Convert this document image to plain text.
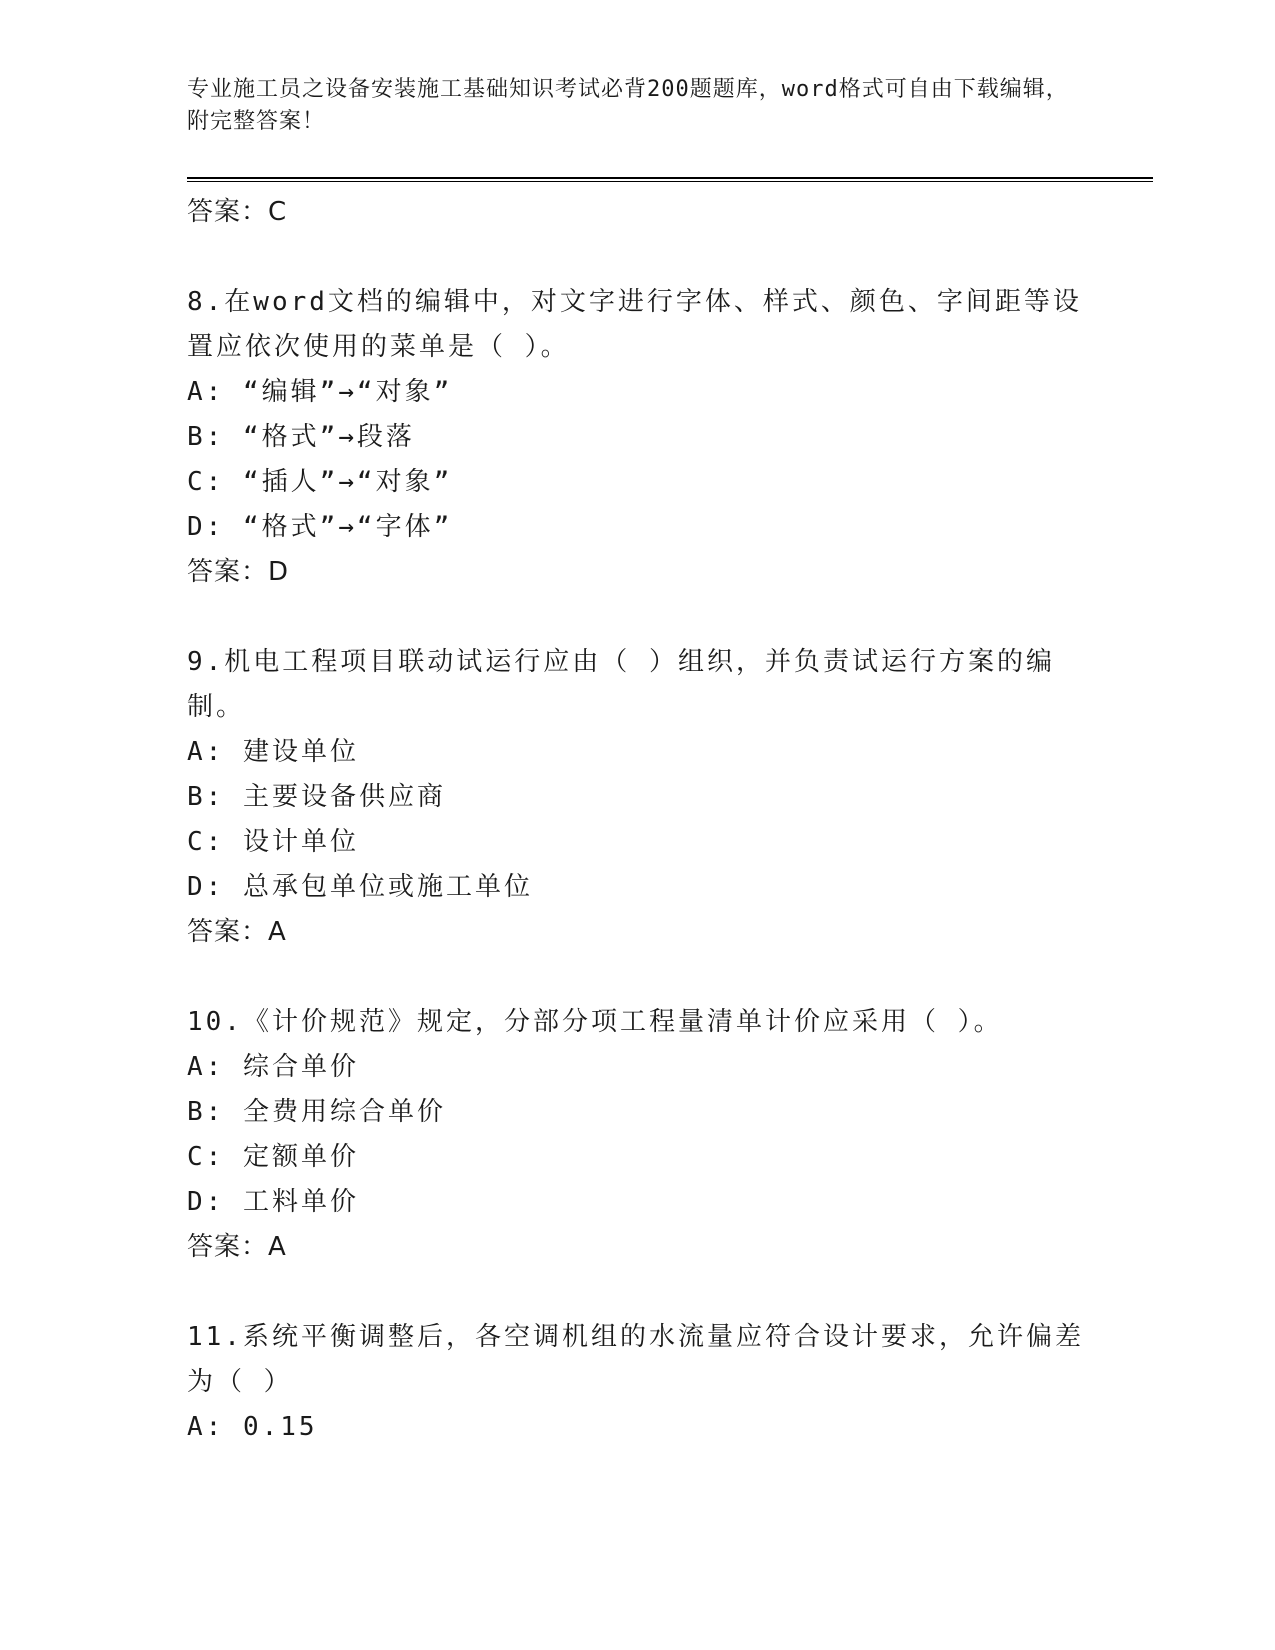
专业施工员之设备安装施工基础知识考试必背200题题库，word格式可自由下载编辑，附完整答案！
答案：C
8.在word文档的编辑中，对文字进行字体、样式、颜色、字间距等设置应依次使用的菜单是（ ）。
A: “编辑”→“对象”
B: “格式”→段落
C: “插人”→“对象”
D: “格式”→“字体”
答案：D
9.机电工程项目联动试运行应由（ ）组织，并负责试运行方案的编制。
A: 建设单位
B: 主要设备供应商
C: 设计单位
D: 总承包单位或施工单位
答案：A
10.《计价规范》规定，分部分项工程量清单计价应采用（ ）。
A: 综合单价
B: 全费用综合单价
C: 定额单价
D: 工料单价
答案：A
11.系统平衡调整后，各空调机组的水流量应符合设计要求，允许偏差为（ ）
A: 0.15
